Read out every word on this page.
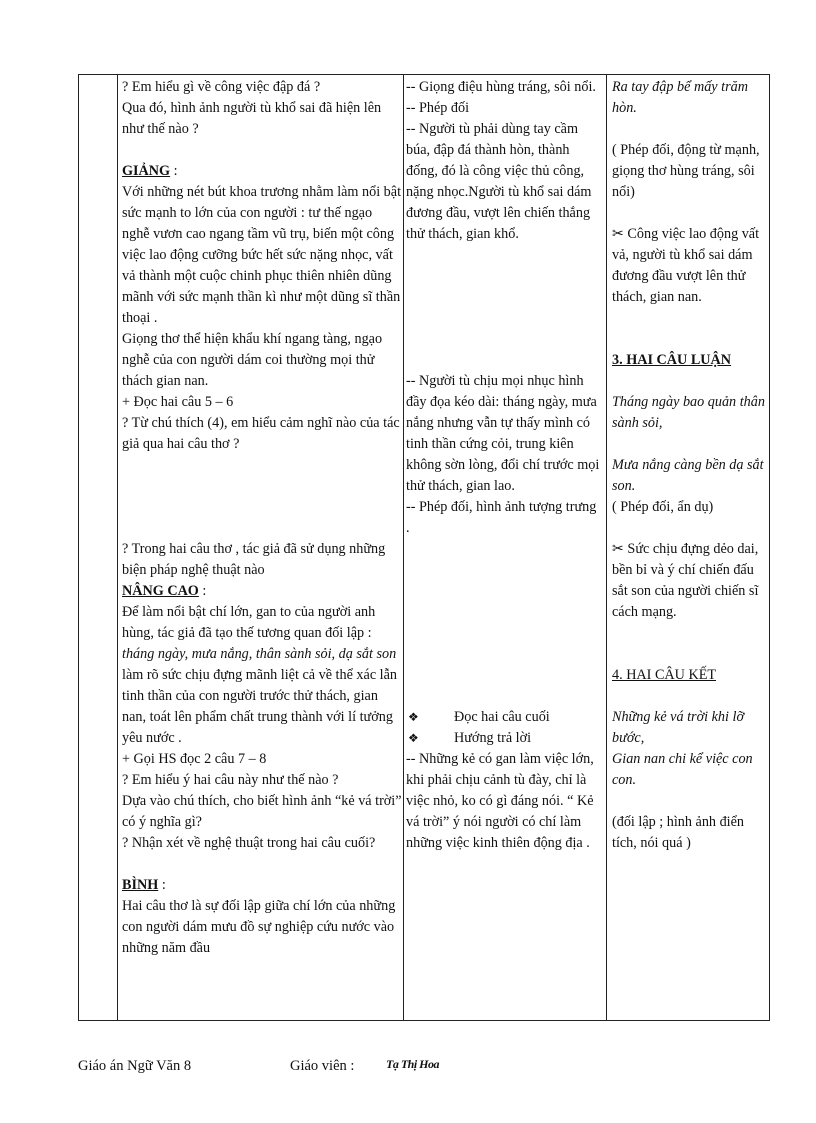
? Em hiểu gì về công việc đập đá ?
Qua đó, hình ảnh người tù khổ sai đã hiện lên như thế nào ?

GIẢNG :

Với những nét bút khoa trương nhằm làm nổi bật sức mạnh to lớn của con người : tư thế ngạo nghễ vươn cao ngang tầm vũ trụ, biến một công việc lao động cưỡng bức hết sức nặng nhọc, vất vả thành một cuộc chinh phục thiên nhiên dũng mãnh với sức mạnh thần kì như một dũng sĩ thần thoại .
Giọng thơ thể hiện khẩu khí ngang tàng, ngạo nghễ của con người dám coi thường mọi thử thách gian nan.

+ Đọc hai câu 5 – 6

? Từ chú thích (4), em hiểu cảm nghĩ nào của tác giả qua hai câu thơ ?

? Trong hai câu thơ , tác giả đã sử dụng những biện pháp nghệ thuật nào

NÂNG CAO :

Để làm nổi bật chí lớn, gan to của người anh hùng, tác giả đã tạo thế tương quan đối lập : tháng ngày, mưa nắng, thân sành sỏi, dạ sắt son làm rõ sức chịu đựng mãnh liệt cả về thể xác lẫn tinh thần của con người trước thử thách, gian nan, toát lên phẩm chất trung thành với lí tưởng yêu nước .

+ Gọi HS đọc 2 câu 7 – 8

? Em hiểu ý hai câu này như thế nào ?
Dựa vào chú thích, cho biết hình ảnh “kẻ vá trời” có ý nghĩa gì?
? Nhận xét về nghệ thuật trong hai câu cuối?

BÌNH :

Hai câu thơ là sự đối lập giữa chí lớn của những con người dám mưu đồ sự nghiệp cứu nước vào những năm đầu

-- Giọng điệu hùng tráng, sôi nổi.
-- Phép đối
-- Người tù phải dùng tay cầm búa, đập đá thành hòn, thành đống, đó là công việc thủ công, nặng nhọc.Người tù khổ sai dám đương đầu, vượt lên chiến thắng thử thách, gian khổ.

-- Người tù chịu mọi nhục hình đầy đọa kéo dài: tháng ngày, mưa nắng nhưng vẫn tự thấy mình có tinh thần cứng cỏi, trung kiên không sờn lòng, đổi chí trước mọi thử thách, gian lao.

-- Phép đối, hình ảnh tượng trưng .

❖ Đọc hai câu cuối

❖ Hướng trả lời

-- Những kẻ có gan làm việc lớn, khi phải chịu cảnh tù đày, chỉ là việc nhỏ, ko có gì đáng nói. “ Kẻ vá trời” ý nói người có chí làm những việc kinh thiên động địa .

Ra tay đập bể mấy trăm hòn.

( Phép đối, động từ mạnh, giọng thơ hùng tráng, sôi nổi)

✂ Công việc lao động vất vả, người tù khổ sai dám đương đầu vượt lên thử thách, gian nan.

3. HAI CÂU LUẬN

Tháng ngày bao quản thân sành sỏi,

Mưa nắng càng bền dạ sắt son.

( Phép đối, ẩn dụ)

✂ Sức chịu đựng dẻo dai, bền bỉ và ý chí chiến đấu sắt son của người chiến sĩ cách mạng.

4. HAI CÂU KẾT

Những kẻ vá trời khi lỡ bước,

Gian nan chi kể việc con con.

(đối lập ; hình ảnh điển tích, nói quá )

Giáo án Ngữ Văn 8	Giáo viên :	Tạ Thị Hoa
